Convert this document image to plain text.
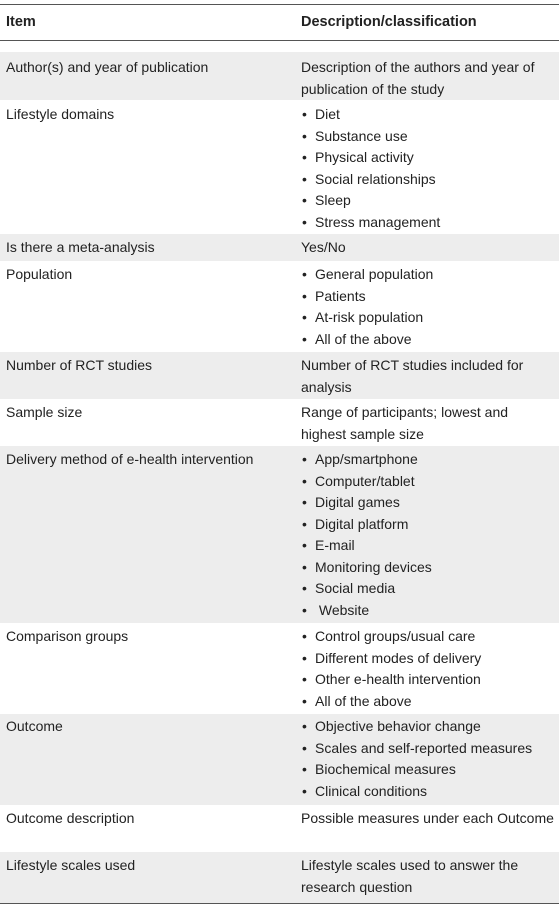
Item	Description/classification
Author(s) and year of publication	Description of the authors and year of publication of the study
Lifestyle domains	• Diet
• Substance use
• Physical activity
• Social relationships
• Sleep
• Stress management
Is there a meta-analysis	Yes/No
Population	• General population
• Patients
• At-risk population
• All of the above
Number of RCT studies	Number of RCT studies included for analysis
Sample size	Range of participants; lowest and highest sample size
Delivery method of e-health intervention	• App/smartphone
• Computer/tablet
• Digital games
• Digital platform
• E-mail
• Monitoring devices
• Social media
•  Website
Comparison groups	• Control groups/usual care
• Different modes of delivery
• Other e-health intervention
• All of the above
Outcome	• Objective behavior change
• Scales and self-reported measures
• Biochemical measures
• Clinical conditions
Outcome description	Possible measures under each Outcome
Lifestyle scales used	Lifestyle scales used to answer the research question
